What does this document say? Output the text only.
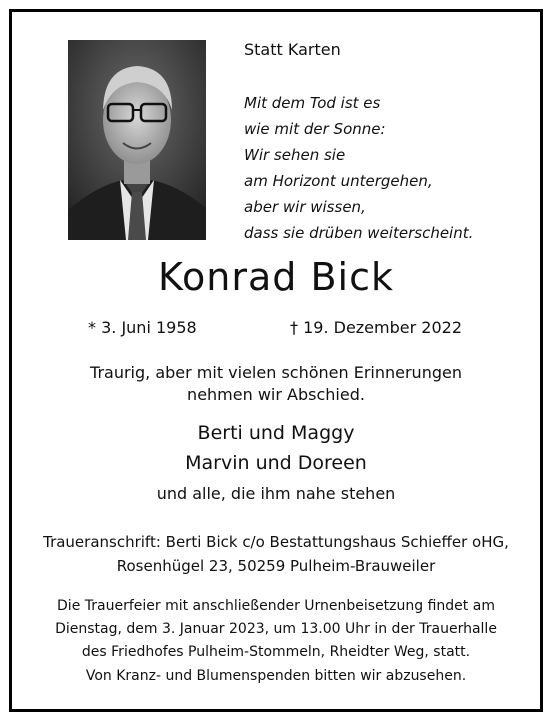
Statt Karten
Mit dem Tod ist es
wie mit der Sonne:
Wir sehen sie
am Horizont untergehen,
aber wir wissen,
dass sie drüben weiterscheint.
Konrad Bick
* 3. Juni 1958	† 19. Dezember 2022
Traurig, aber mit vielen schönen Erinnerungen
nehmen wir Abschied.
Berti und Maggy
Marvin und Doreen
und alle, die ihm nahe stehen
Traueranschrift: Berti Bick c/o Bestattungshaus Schieffer oHG,
Rosenhügel 23, 50259 Pulheim-Brauweiler
Die Trauerfeier mit anschließender Urnenbeisetzung findet am
Dienstag, dem 3. Januar 2023, um 13.00 Uhr in der Trauerhalle
des Friedhofes Pulheim-Stommeln, Rheidter Weg, statt.
Von Kranz- und Blumenspenden bitten wir abzusehen.
